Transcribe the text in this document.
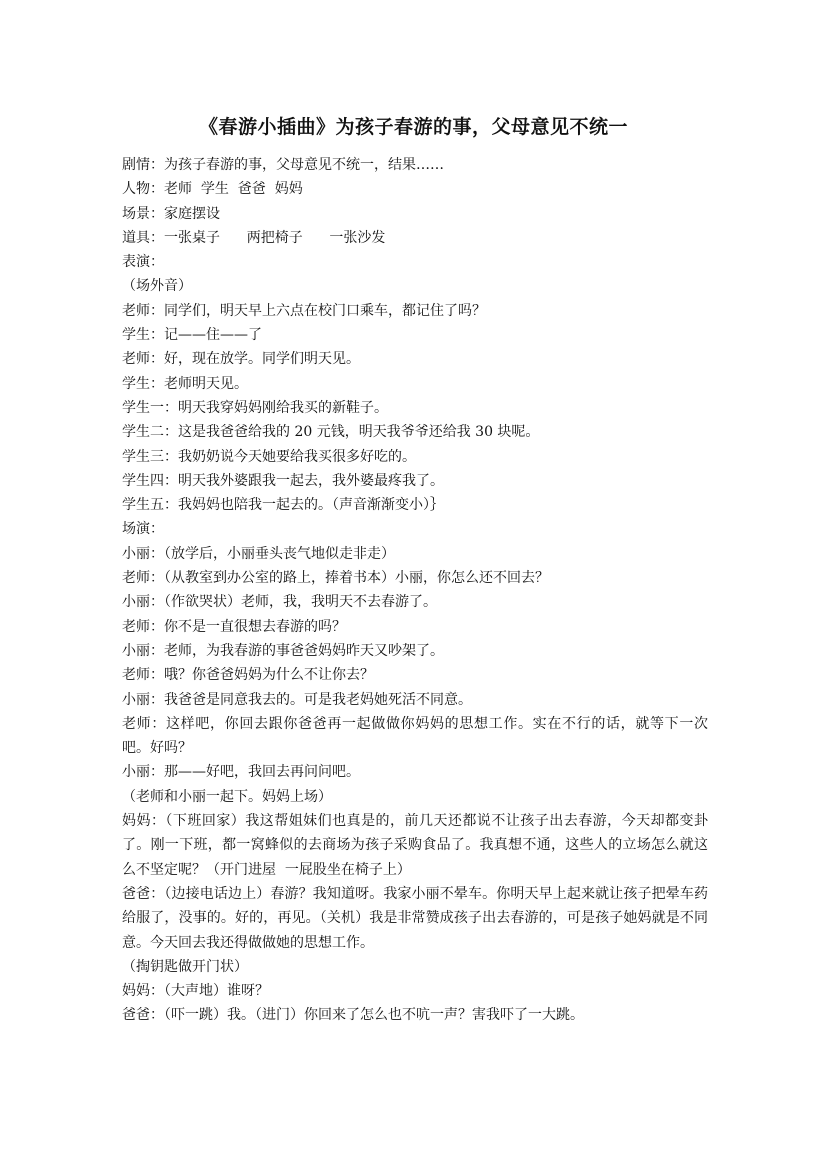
《春游小插曲》为孩子春游的事，父母意见不统一

剧情：为孩子春游的事，父母意见不统一，结果……

人物：老师  学生  爸爸  妈妈

场景：家庭摆设

道具：一张桌子      两把椅子      一张沙发

表演：

（场外音）

老师：同学们，明天早上六点在校门口乘车，都记住了吗？

学生：记——住——了

老师：好，现在放学。同学们明天见。

学生：老师明天见。

学生一：明天我穿妈妈刚给我买的新鞋子。

学生二：这是我爸爸给我的 20 元钱，明天我爷爷还给我 30 块呢。

学生三：我奶奶说今天她要给我买很多好吃的。

学生四：明天我外婆跟我一起去，我外婆最疼我了。

学生五：我妈妈也陪我一起去的。（声音渐渐变小）｝

场演：

小丽：（放学后，小丽垂头丧气地似走非走）

老师：（从教室到办公室的路上，捧着书本）小丽，你怎么还不回去？

小丽：（作欲哭状）老师，我，我明天不去春游了。

老师：你不是一直很想去春游的吗？

小丽：老师，为我春游的事爸爸妈妈昨天又吵架了。

老师：哦？你爸爸妈妈为什么不让你去？

小丽：我爸爸是同意我去的。可是我老妈她死活不同意。

老师：这样吧，你回去跟你爸爸再一起做做你妈妈的思想工作。实在不行的话，就等下一次吧。好吗？

小丽：那——好吧，我回去再问问吧。

（老师和小丽一起下。妈妈上场）

妈妈：（下班回家）我这帮姐妹们也真是的，前几天还都说不让孩子出去春游，今天却都变卦了。刚一下班，都一窝蜂似的去商场为孩子采购食品了。我真想不通，这些人的立场怎么就这么不坚定呢？（开门进屋  一屁股坐在椅子上）

爸爸：（边接电话边上）春游？我知道呀。我家小丽不晕车。你明天早上起来就让孩子把晕车药给服了，没事的。好的，再见。（关机）我是非常赞成孩子出去春游的，可是孩子她妈就是不同意。今天回去我还得做做她的思想工作。

（掏钥匙做开门状）

妈妈：（大声地）谁呀？

爸爸：（吓一跳）我。（进门）你回来了怎么也不吭一声？害我吓了一大跳。
